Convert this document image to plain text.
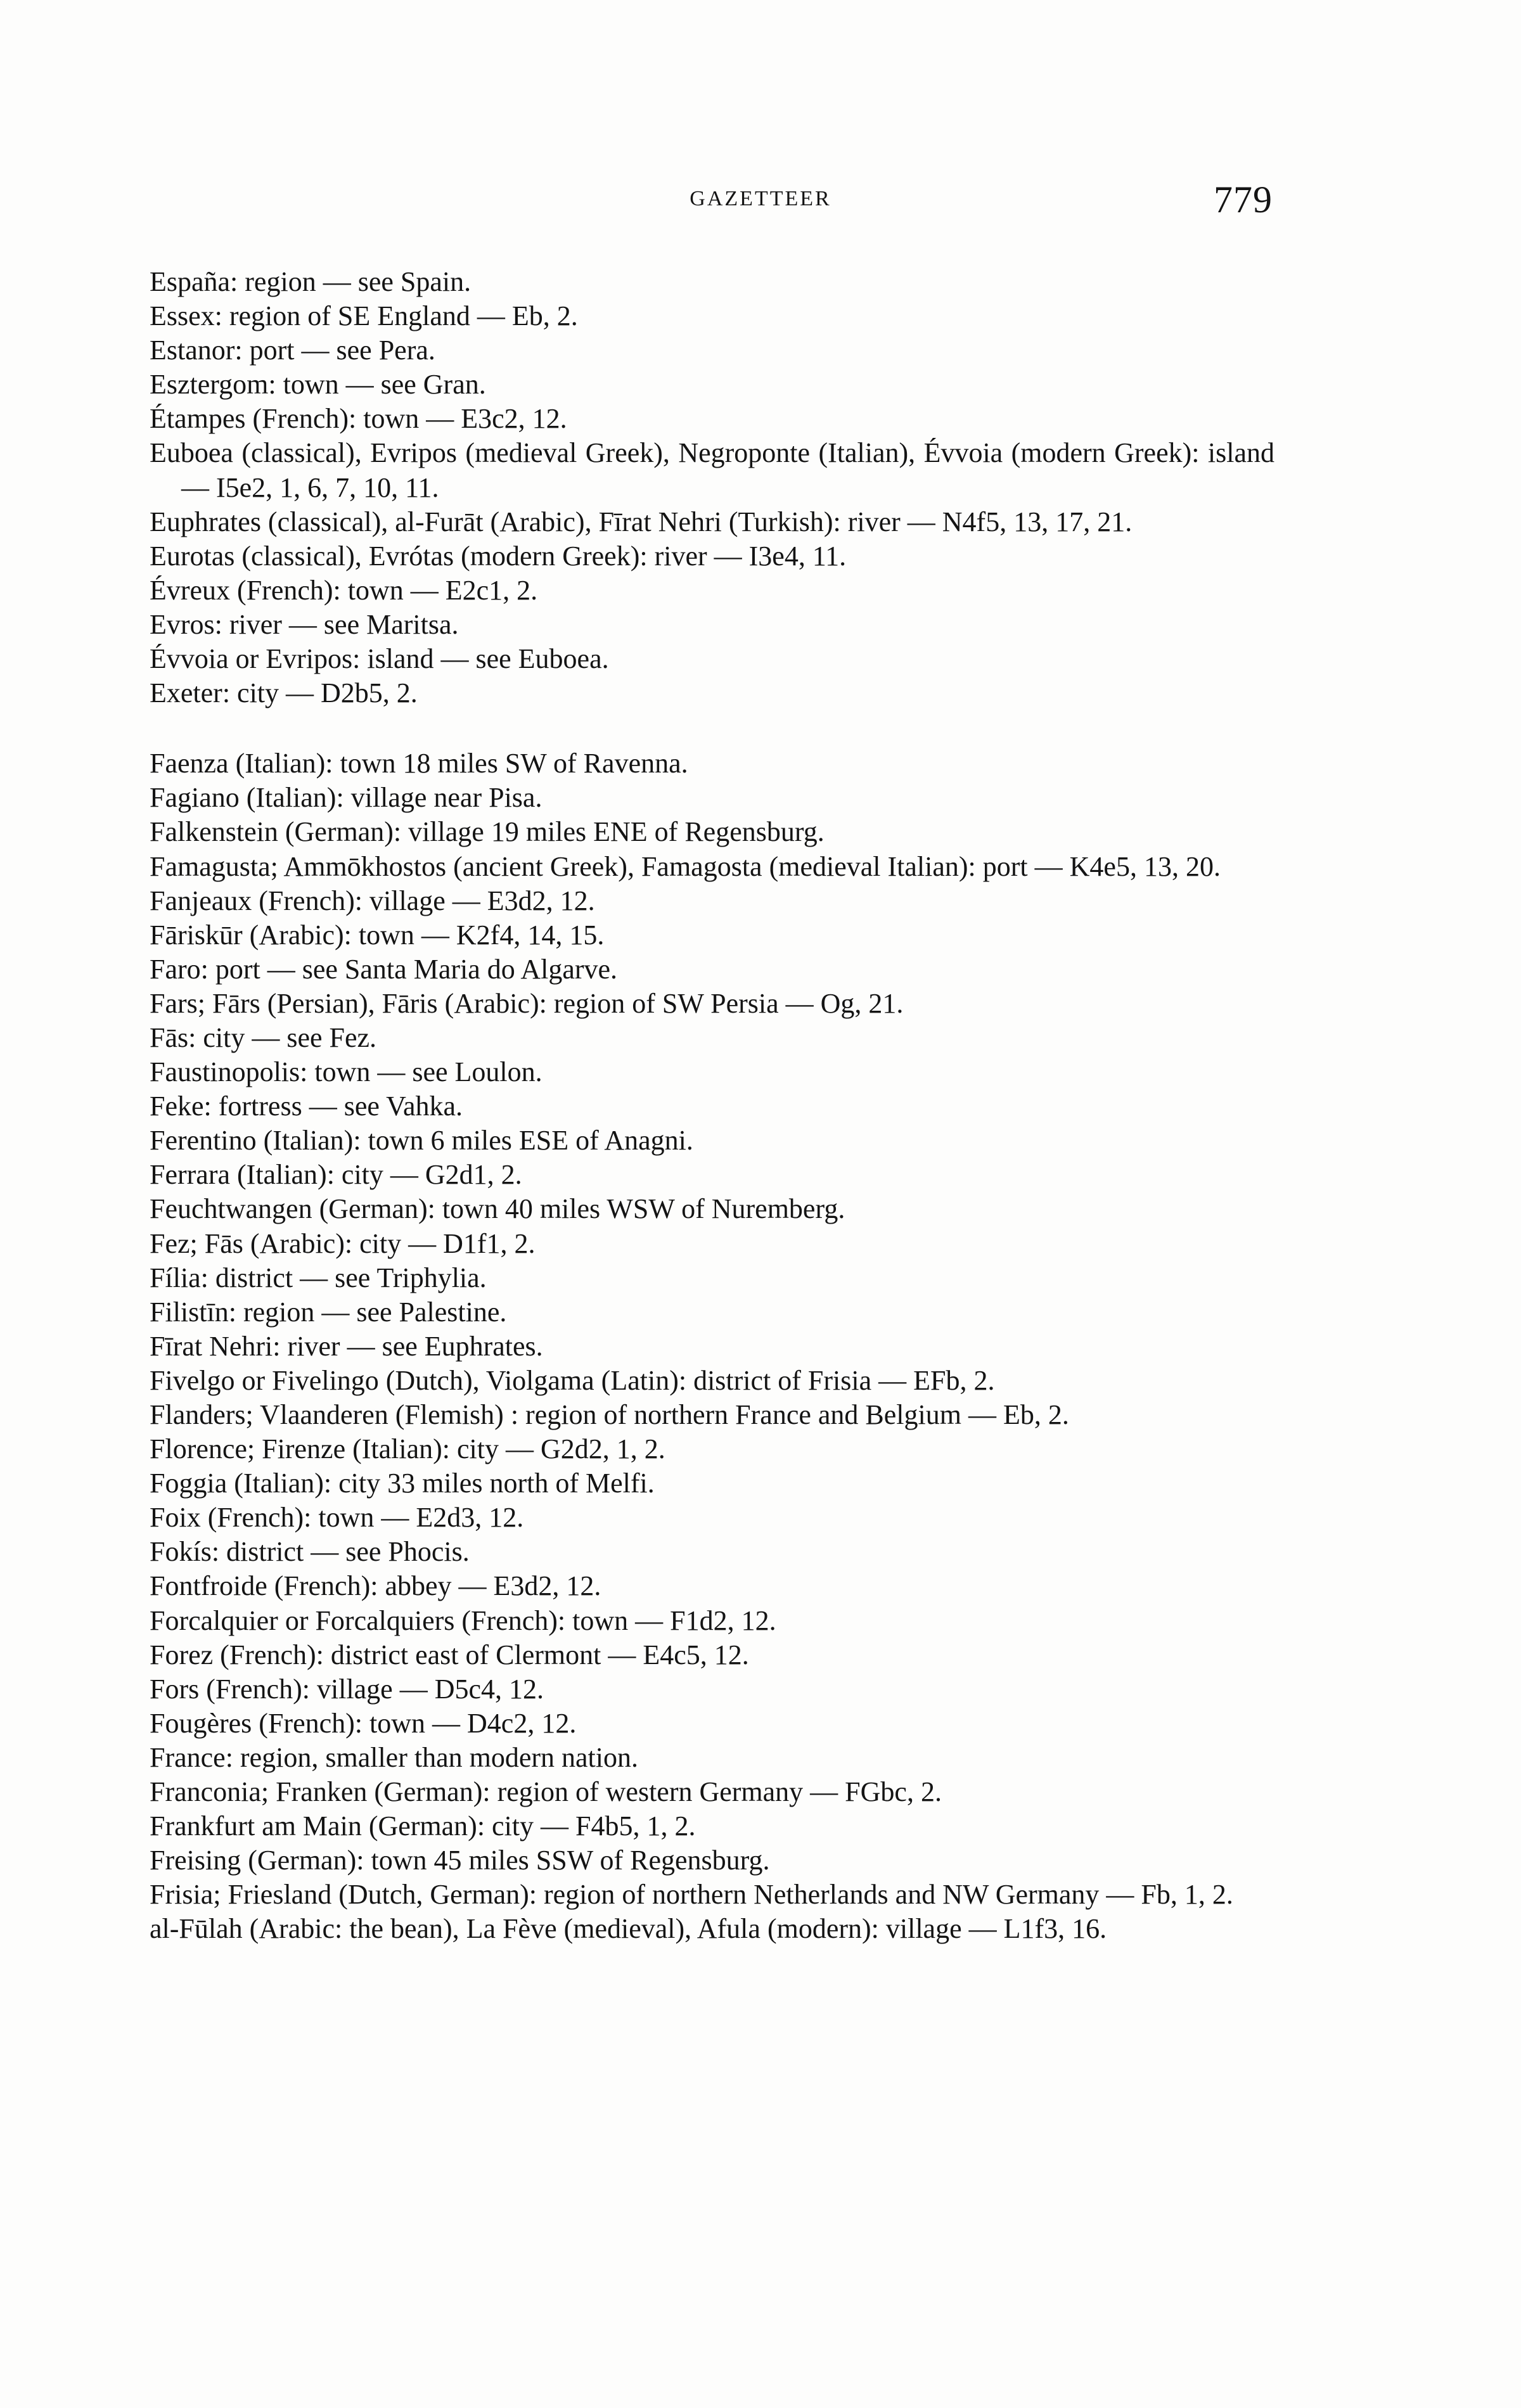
GAZETTEER	779

España: region — see Spain.

Essex: region of SE England — Eb, 2.

Estanor: port — see Pera.

Esztergom: town — see Gran.

Étampes (French): town — E3c2, 12.

Euboea (classical), Evripos (medieval Greek), Negroponte (Italian), Évvoia (modern Greek): island — I5e2, 1, 6, 7, 10, 11.

Euphrates (classical), al-Furāt (Arabic), Fīrat Nehri (Turkish): river — N4f5, 13, 17, 21.

Eurotas (classical), Evrótas (modern Greek): river — I3e4, 11.

Évreux (French): town — E2c1, 2.

Evros: river — see Maritsa.

Évvoia or Evripos: island — see Euboea.

Exeter: city — D2b5, 2.

Faenza (Italian): town 18 miles SW of Ravenna.

Fagiano (Italian): village near Pisa.

Falkenstein (German): village 19 miles ENE of Regensburg.

Famagusta; Ammōkhostos (ancient Greek), Famagosta (medieval Italian): port — K4e5, 13, 20.

Fanjeaux (French): village — E3d2, 12.

Fāriskūr (Arabic): town — K2f4, 14, 15.

Faro: port — see Santa Maria do Algarve.

Fars; Fārs (Persian), Fāris (Arabic): region of SW Persia — Og, 21.

Fās: city — see Fez.

Faustinopolis: town — see Loulon.

Feke: fortress — see Vahka.

Ferentino (Italian): town 6 miles ESE of Anagni.

Ferrara (Italian): city — G2d1, 2.

Feuchtwangen (German): town 40 miles WSW of Nuremberg.

Fez; Fās (Arabic): city — D1f1, 2.

Fília: district — see Triphylia.

Filistīn: region — see Palestine.

Fīrat Nehri: river — see Euphrates.

Fivelgo or Fivelingo (Dutch), Violgama (Latin): district of Frisia — EFb, 2.

Flanders; Vlaanderen (Flemish) : region of northern France and Belgium — Eb, 2.

Florence; Firenze (Italian): city — G2d2, 1, 2.

Foggia (Italian): city 33 miles north of Melfi.

Foix (French): town — E2d3, 12.

Fokís: district — see Phocis.

Fontfroide (French): abbey — E3d2, 12.

Forcalquier or Forcalquiers (French): town — F1d2, 12.

Forez (French): district east of Clermont — E4c5, 12.

Fors (French): village — D5c4, 12.

Fougères (French): town — D4c2, 12.

France: region, smaller than modern nation.

Franconia; Franken (German): region of western Germany — FGbc, 2.

Frankfurt am Main (German): city — F4b5, 1, 2.

Freising (German): town 45 miles SSW of Regensburg.

Frisia; Friesland (Dutch, German): region of northern Netherlands and NW Germany — Fb, 1, 2.

al-Fūlah (Arabic: the bean), La Fève (medieval), Afula (modern): village — L1f3, 16.
